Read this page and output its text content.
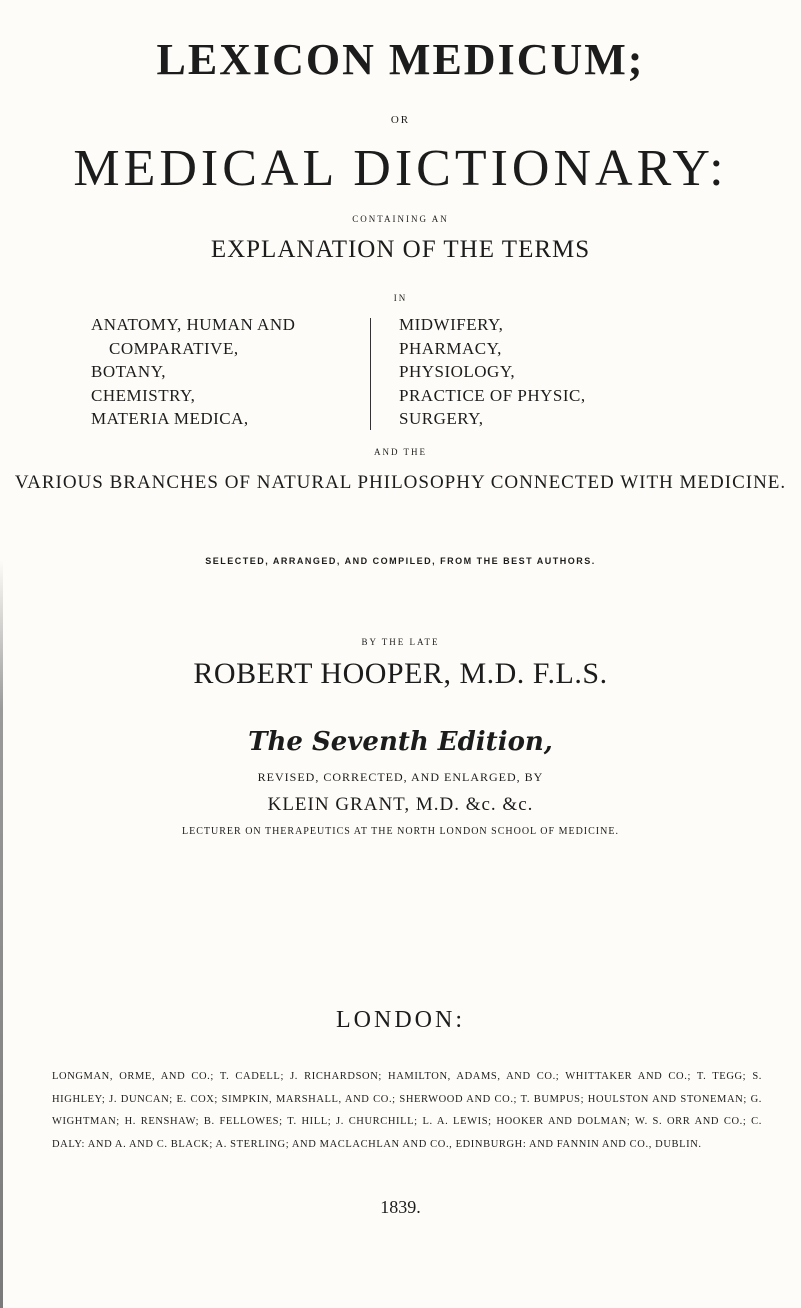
LEXICON MEDICUM;
OR
MEDICAL DICTIONARY:
CONTAINING AN
EXPLANATION OF THE TERMS
IN
ANATOMY, HUMAN AND
COMPARATIVE,
BOTANY,
CHEMISTRY,
MATERIA MEDICA,
MIDWIFERY,
PHARMACY,
PHYSIOLOGY,
PRACTICE OF PHYSIC,
SURGERY,
AND THE
VARIOUS BRANCHES OF NATURAL PHILOSOPHY CONNECTED WITH MEDICINE.
SELECTED, ARRANGED, AND COMPILED, FROM THE BEST AUTHORS.
BY THE LATE
ROBERT HOOPER, M.D. F.L.S.
The Seventh Edition,
REVISED, CORRECTED, AND ENLARGED, BY
KLEIN GRANT, M.D. &c. &c.
LECTURER ON THERAPEUTICS AT THE NORTH LONDON SCHOOL OF MEDICINE.
LONDON:
LONGMAN, ORME, AND CO.; T. CADELL; J. RICHARDSON; HAMILTON, ADAMS, AND CO.; WHITTAKER AND CO.; T. TEGG; S. HIGHLEY; J. DUNCAN; E. COX; SIMPKIN, MARSHALL, AND CO.; SHERWOOD AND CO.; T. BUMPUS; HOULSTON AND STONEMAN; G. WIGHTMAN; H. RENSHAW; B. FELLOWES; T. HILL; J. CHURCHILL; L. A. LEWIS; HOOKER AND DOLMAN; W. S. ORR AND CO.; C. DALY: AND A. AND C. BLACK; A. STERLING; AND MACLACHLAN AND CO., EDINBURGH: AND FANNIN AND CO., DUBLIN.
1839.
